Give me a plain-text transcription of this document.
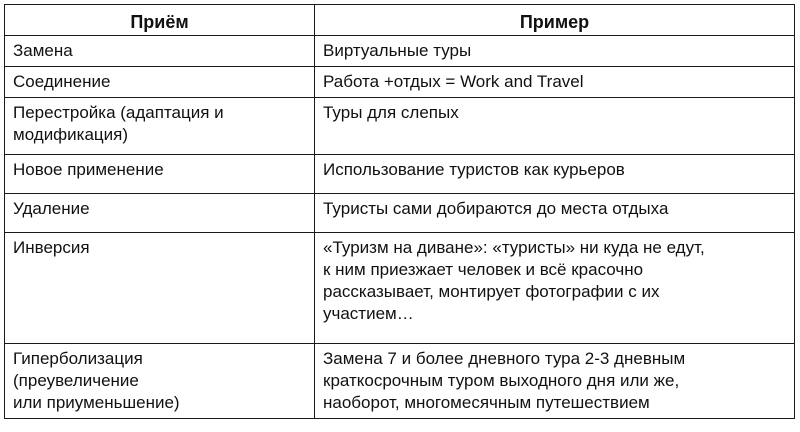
Приём	Пример
Замена	Виртуальные туры
Соединение	Работа +отдых = Work and Travel
Перестройка (адаптация и
модификация)	Туры для слепых
Новое применение	Использование туристов как курьеров
Удаление	Туристы сами добираются до места отдыха
Инверсия	«Туризм на диване»: «туристы» ни куда не едут,
к ним приезжает человек и всё красочно
рассказывает, монтирует фотографии с их
участием…
Гиперболизация
(преувеличение
или приуменьшение)	Замена 7 и более дневного тура 2-3 дневным
краткосрочным туром выходного дня или же,
наоборот, многомесячным путешествием
